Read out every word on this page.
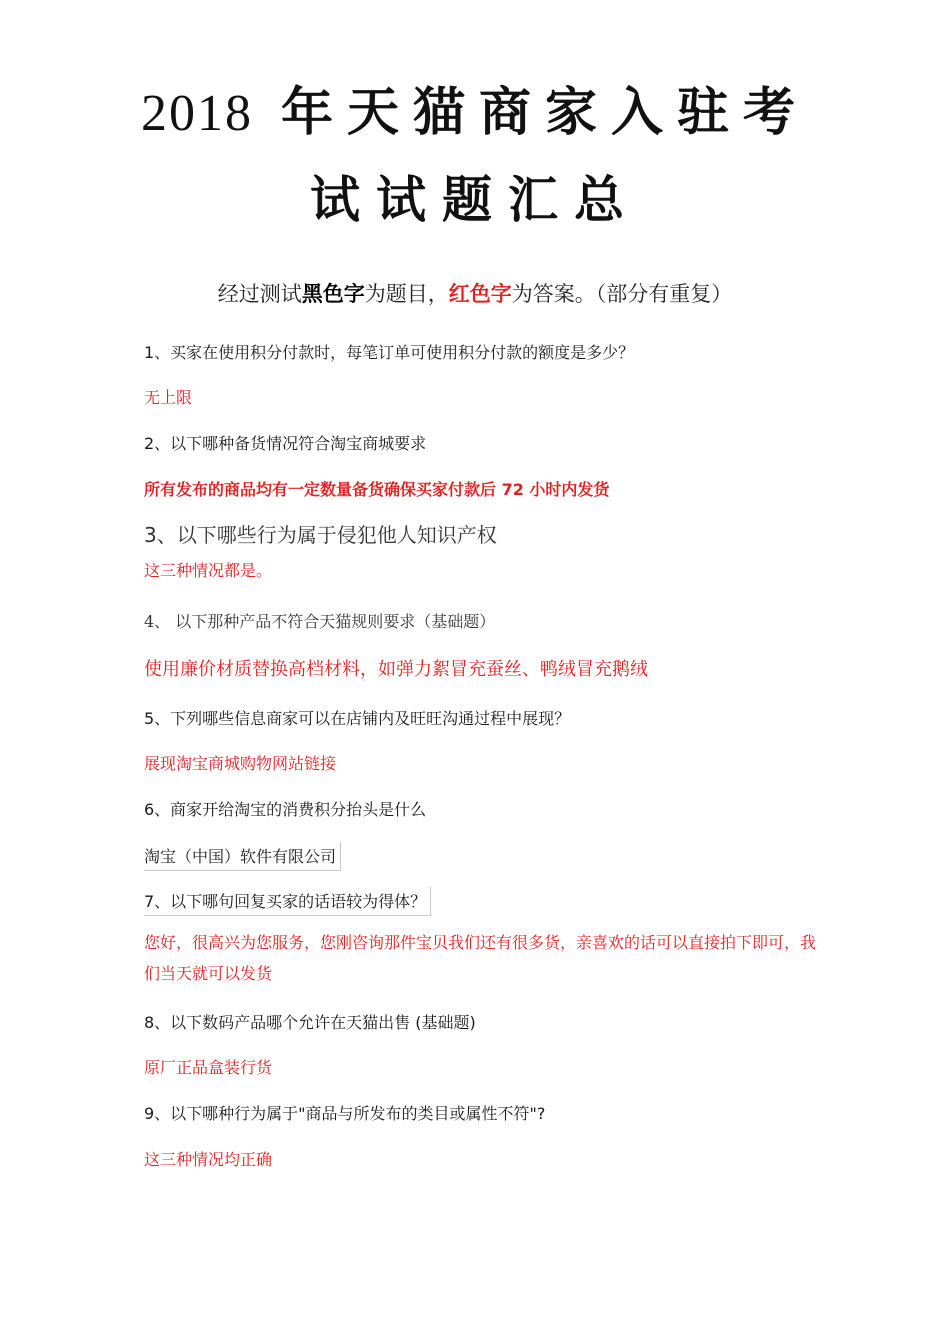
2018 年天猫商家入驻考
试试题汇总
经过测试黑色字为题目，红色字为答案。（部分有重复）
1、买家在使用积分付款时，每笔订单可使用积分付款的额度是多少？
无上限
2、以下哪种备货情况符合淘宝商城要求
所有发布的商品均有一定数量备货确保买家付款后 72 小时内发货
3、以下哪些行为属于侵犯他人知识产权
这三种情况都是。
4、 以下那种产品不符合天猫规则要求（基础题）
使用廉价材质替换高档材料，如弹力絮冒充蚕丝、鸭绒冒充鹅绒
5、下列哪些信息商家可以在店铺内及旺旺沟通过程中展现？
展现淘宝商城购物网站链接
6、商家开给淘宝的消费积分抬头是什么
淘宝（中国）软件有限公司
7、以下哪句回复买家的话语较为得体？
您好，很高兴为您服务，您刚咨询那件宝贝我们还有很多货，亲喜欢的话可以直接拍下即可，我们当天就可以发货
8、以下数码产品哪个允许在天猫出售 (基础题)
原厂正品盒装行货
9、以下哪种行为属于"商品与所发布的类目或属性不符"?
这三种情况均正确
